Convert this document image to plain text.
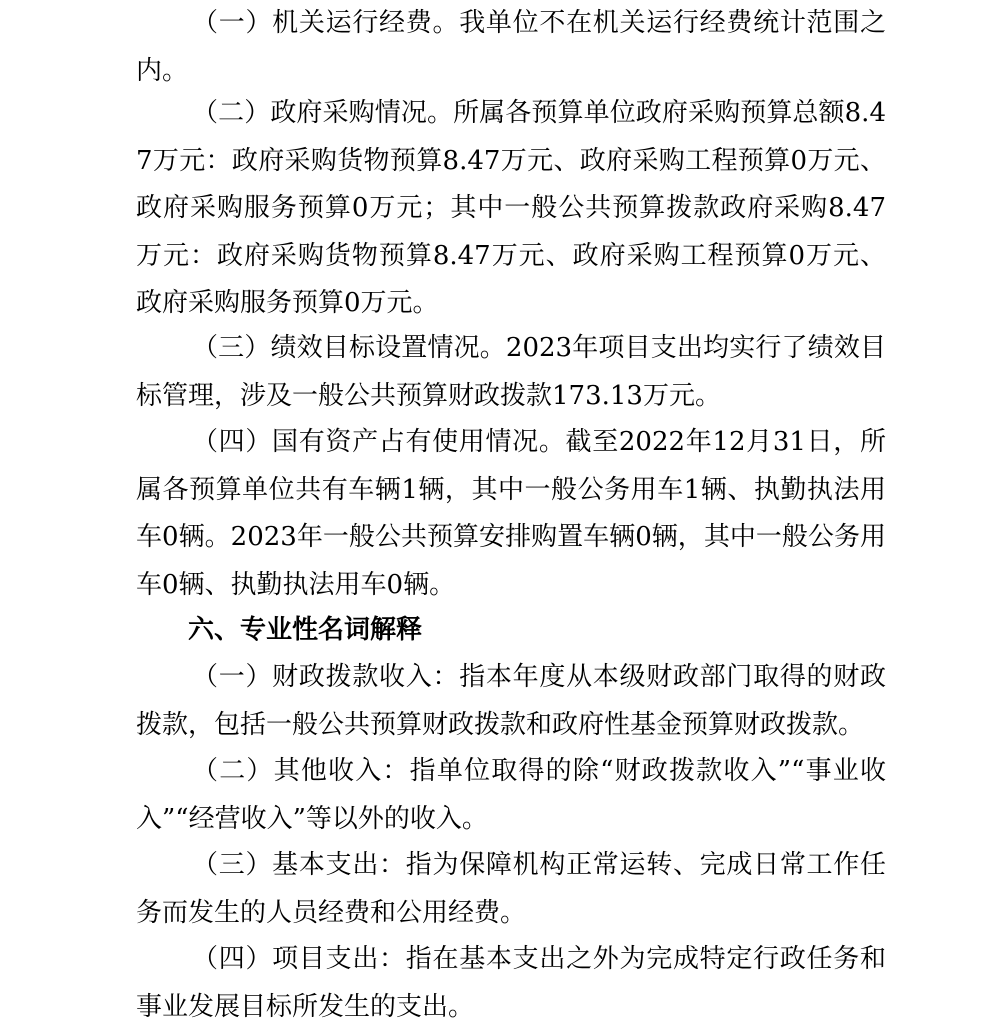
（一）机关运行经费。我单位不在机关运行经费统计范围之内。

（二）政府采购情况。所属各预算单位政府采购预算总额8.47万元：政府采购货物预算8.47万元、政府采购工程预算0万元、政府采购服务预算0万元；其中一般公共预算拨款政府采购8.47万元：政府采购货物预算8.47万元、政府采购工程预算0万元、政府采购服务预算0万元。

（三）绩效目标设置情况。2023年项目支出均实行了绩效目标管理，涉及一般公共预算财政拨款173.13万元。

（四）国有资产占有使用情况。截至2022年12月31日，所属各预算单位共有车辆1辆，其中一般公务用车1辆、执勤执法用车0辆。2023年一般公共预算安排购置车辆0辆，其中一般公务用车0辆、执勤执法用车0辆。

六、专业性名词解释

（一）财政拨款收入：指本年度从本级财政部门取得的财政拨款，包括一般公共预算财政拨款和政府性基金预算财政拨款。

（二）其他收入：指单位取得的除“财政拨款收入”“事业收入”“经营收入”等以外的收入。

（三）基本支出：指为保障机构正常运转、完成日常工作任务而发生的人员经费和公用经费。

（四）项目支出：指在基本支出之外为完成特定行政任务和事业发展目标所发生的支出。
